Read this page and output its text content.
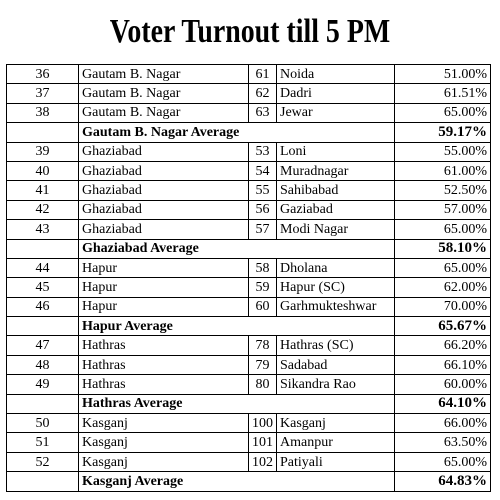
Voter Turnout till 5 PM
36	Gautam B. Nagar	61	Noida	51.00%
37	Gautam B. Nagar	62	Dadri	61.51%
38	Gautam B. Nagar	63	Jewar	65.00%
	Gautam B. Nagar Average			59.17%
39	Ghaziabad	53	Loni	55.00%
40	Ghaziabad	54	Muradnagar	61.00%
41	Ghaziabad	55	Sahibabad	52.50%
42	Ghaziabad	56	Gaziabad	57.00%
43	Ghaziabad	57	Modi Nagar	65.00%
	Ghaziabad Average			58.10%
44	Hapur	58	Dholana	65.00%
45	Hapur	59	Hapur (SC)	62.00%
46	Hapur	60	Garhmukteshwar	70.00%
	Hapur Average			65.67%
47	Hathras	78	Hathras (SC)	66.20%
48	Hathras	79	Sadabad	66.10%
49	Hathras	80	Sikandra Rao	60.00%
	Hathras Average			64.10%
50	Kasganj	100	Kasganj	66.00%
51	Kasganj	101	Amanpur	63.50%
52	Kasganj	102	Patiyali	65.00%
	Kasganj Average			64.83%
